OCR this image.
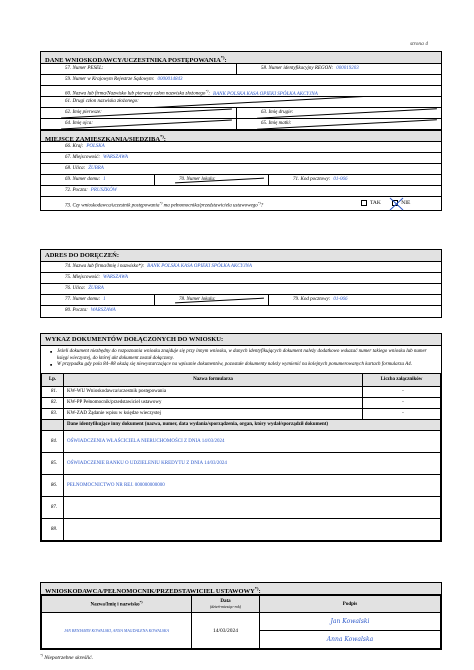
strona 4
DANE WNIOSKODAWCY/UCZESTNIKA POSTĘPOWANIA*):
57. Numer PESEL:	58. Numer identyfikacyjny REGON: 000019203
59. Numer w Krajowym Rejestrze Sądowym: 0000014843
60. Nazwa lub firma/Nazwisko lub pierwszy człon nazwiska złożonego*): BANK POLSKA KASA OPIEKI SPÓŁKA AKCYJNA
61. Drugi człon nazwiska złożonego:
62. Imię pierwsze:	63. Imię drugie:
64. Imię ojca:	65. Imię matki:
MIEJSCE ZAMIESZKANIA/SIEDZIBA*):
66. Kraj: POLSKA
67. Miejscowość: WARSZAWA
68. Ulica: ŻUBRA
69. Numer domu: 1	70. Numer lokalu:	71. Kod pocztowy: 01-066
72. Poczta: PRUSZKÓW
73. Czy wnioskodawca/uczestnik postępowania*) ma pełnomocnika/przedstawiciela ustawowego*)?
TAK	NIE
ADRES DO DORĘCZEŃ:
74. Nazwa lub firma/Imię i nazwisko*): BANK POLSKA KASA OPIEKI SPÓŁKA AKCYJNA
75. Miejscowość: WARSZAWA
76. Ulica: ŻUBRA
77. Numer domu: 1	78. Numer lokalu:	79. Kod pocztowy: 01-066
80. Poczta: WARSZAWA
WYKAZ DOKUMENTÓW DOŁĄCZONYCH DO WNIOSKU:
■ Jeżeli dokument niezbędny do rozpoznania wniosku znajduje się przy innym wniosku, w danych identyfikujących dokument należy dodatkowo wskazać numer takiego wniosku lub numer księgi wieczystej, do której akt dokument został dołączony.
■ W przypadku gdy pola 84–88 okażą się niewystarczające na wpisanie dokumentów, pozostałe dokumenty należy wymienić na kolejnych ponumerowanych kartach formularza A4.
Lp.	Nazwa formularza	Liczba załączników
81.	KW-WU Wnioskodawca/uczestnik postępowania	-
82.	KW-PP Pełnomocnik/przedstawiciel ustawowy	-
83.	KW-ZAD Żądanie wpisu w księdze wieczystej	-
	Dane identyfikujące inny dokument (nazwa, numer, data wydania/sporządzenia, organ, który wydał/sporządził dokument)	
84.	OŚWIADCZENIA WŁAŚCICIELA NIERUCHOMOŚCI Z DNIA 14/03/2024	
85.	OŚWIADCZENIE BANKU O UDZIELENIU KREDYTU Z DNIA 14/03/2024	
86.	PEŁNOMOCNICTWO NR REJ. 000000000000	
87.		
88.		
WNIOSKODAWCA/PEŁNOMOCNIK/PRZEDSTAWICIEL USTAWOWY*):
Nazwa/Imię i nazwisko*)	Data
(dzień-miesiąc-rok)	Podpis
JAN BENIAMIN KOWALSKI, ANNA MAGDALENA KOWALSKA	14/03/2024	Jan Kowalski
		Anna Kowalska
*) Niepotrzebne skreślić.
